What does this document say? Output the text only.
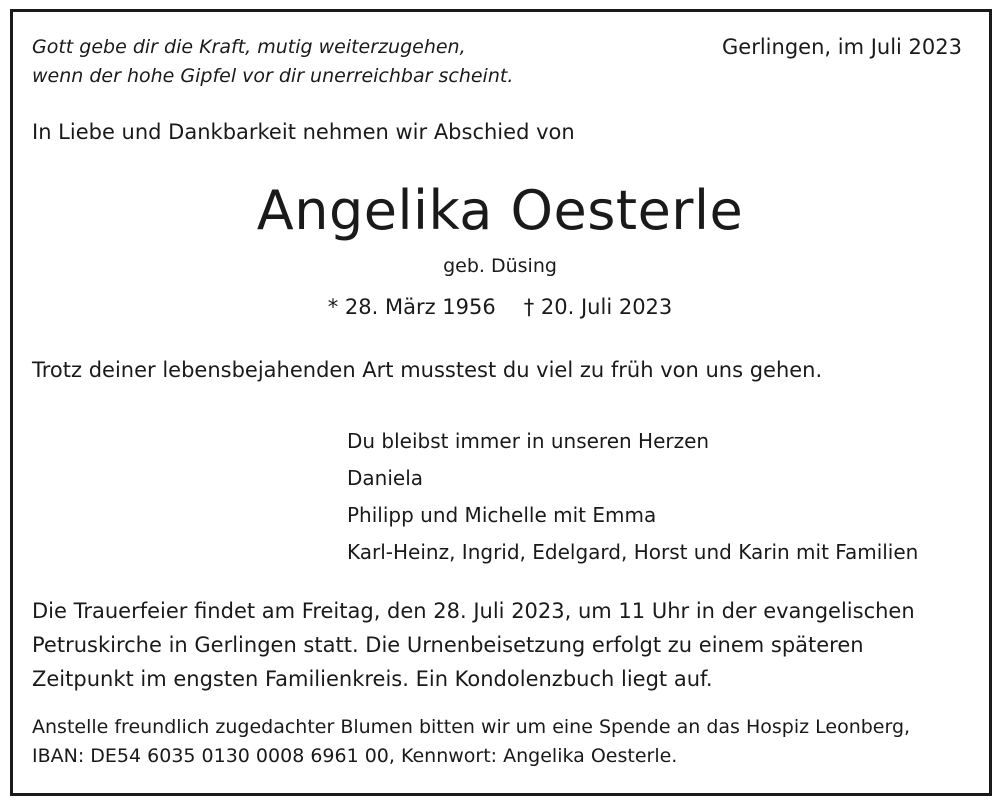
Gott gebe dir die Kraft, mutig weiterzugehen,
wenn der hohe Gipfel vor dir unerreichbar scheint.
Gerlingen, im Juli 2023
In Liebe und Dankbarkeit nehmen wir Abschied von
Angelika Oesterle
geb. Düsing
* 28. März 1956 † 20. Juli 2023
Trotz deiner lebensbejahenden Art musstest du viel zu früh von uns gehen.
Du bleibst immer in unseren Herzen
Daniela
Philipp und Michelle mit Emma
Karl-Heinz, Ingrid, Edelgard, Horst und Karin mit Familien
Die Trauerfeier findet am Freitag, den 28. Juli 2023, um 11 Uhr in der evangelischen
Petruskirche in Gerlingen statt. Die Urnenbeisetzung erfolgt zu einem späteren
Zeitpunkt im engsten Familienkreis. Ein Kondolenzbuch liegt auf.
Anstelle freundlich zugedachter Blumen bitten wir um eine Spende an das Hospiz Leonberg,
IBAN: DE54 6035 0130 0008 6961 00, Kennwort: Angelika Oesterle.
